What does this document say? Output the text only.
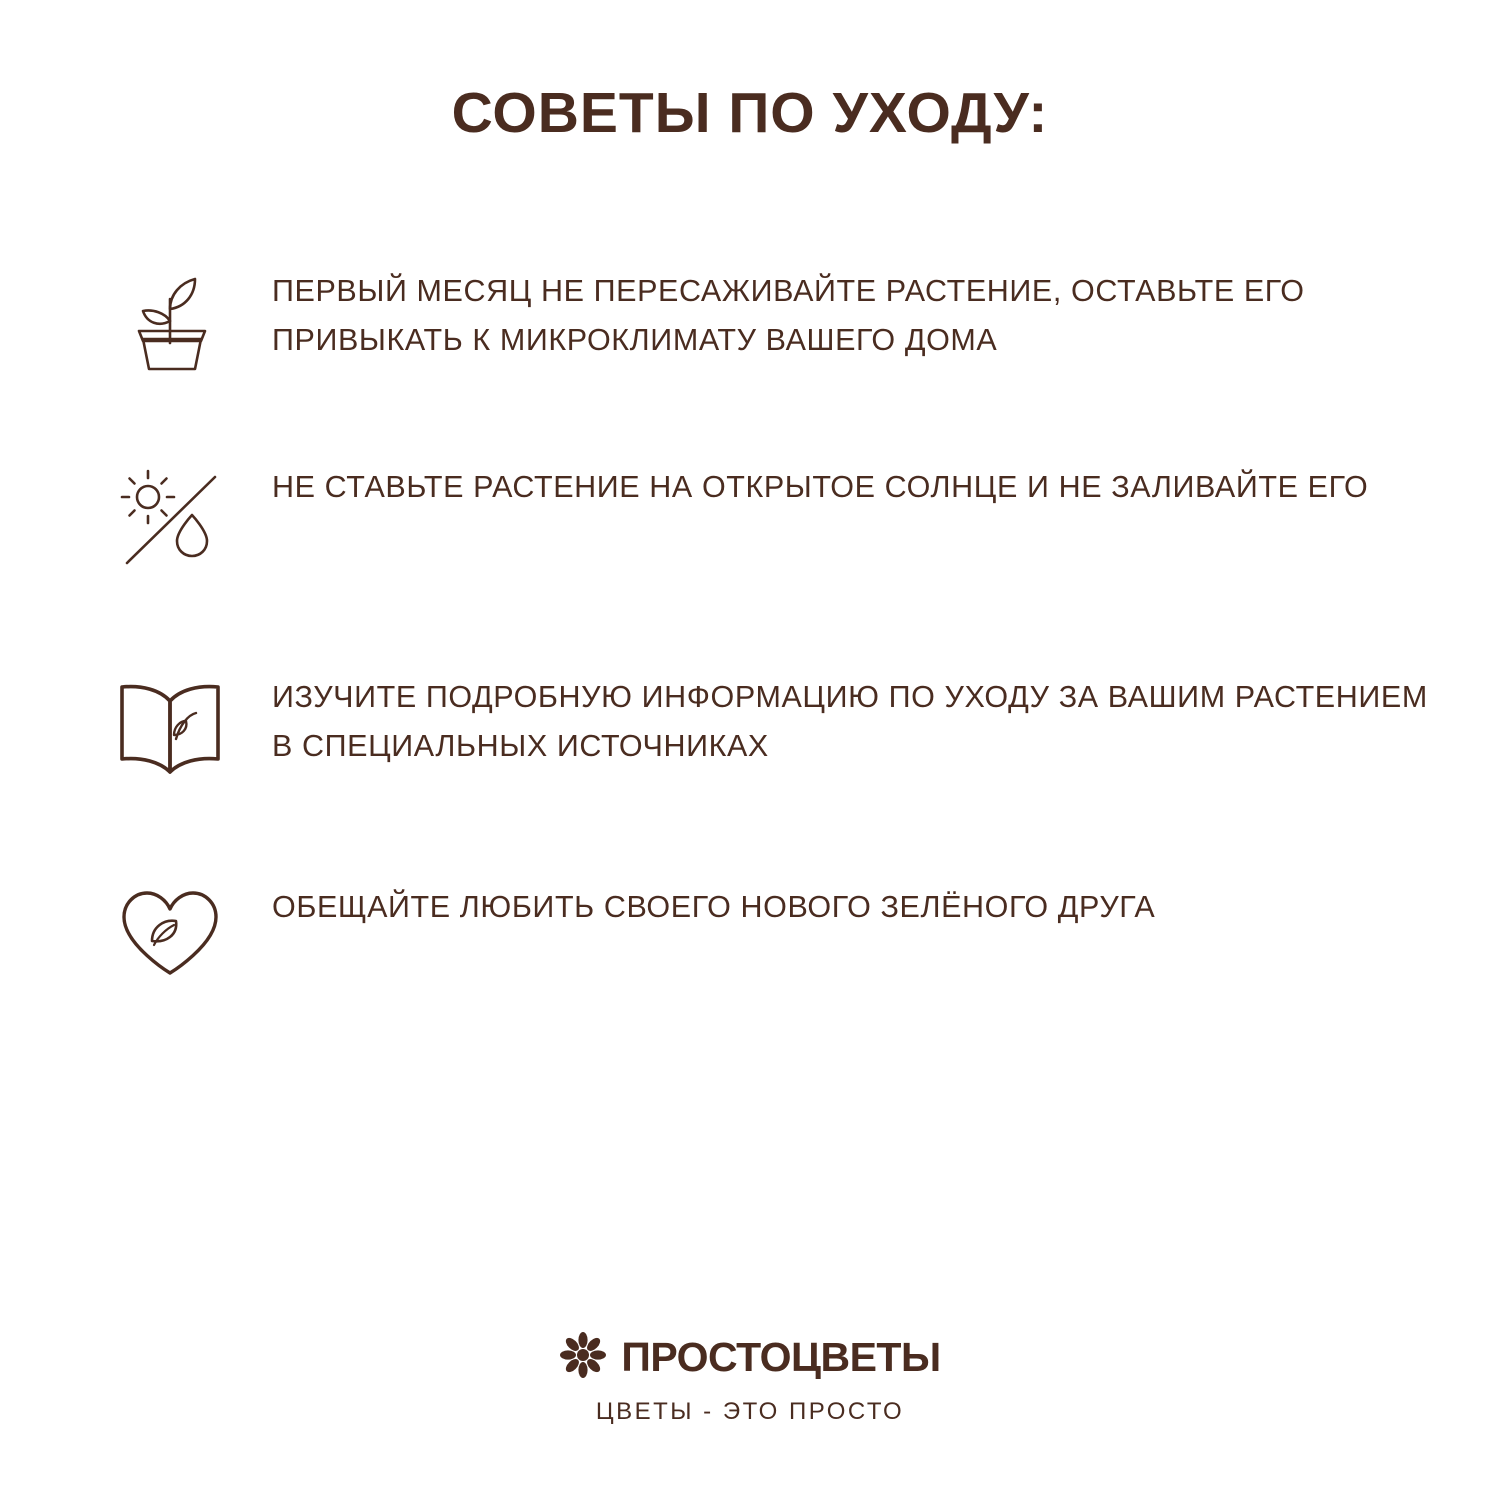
СОВЕТЫ ПО УХОДУ:
ПЕРВЫЙ МЕСЯЦ НЕ ПЕРЕСАЖИВАЙТЕ РАСТЕНИЕ, ОСТАВЬТЕ ЕГО ПРИВЫКАТЬ К МИКРОКЛИМАТУ ВАШЕГО ДОМА
НЕ СТАВЬТЕ РАСТЕНИЕ НА ОТКРЫТОЕ СОЛНЦЕ И НЕ ЗАЛИВАЙТЕ ЕГО
ИЗУЧИТЕ ПОДРОБНУЮ ИНФОРМАЦИЮ ПО УХОДУ ЗА ВАШИМ РАСТЕНИЕМ В СПЕЦИАЛЬНЫХ ИСТОЧНИКАХ
ОБЕЩАЙТЕ ЛЮБИТЬ СВОЕГО НОВОГО ЗЕЛЁНОГО ДРУГА
ПРОСТОЦВЕТЫ
ЦВЕТЫ - ЭТО ПРОСТО
